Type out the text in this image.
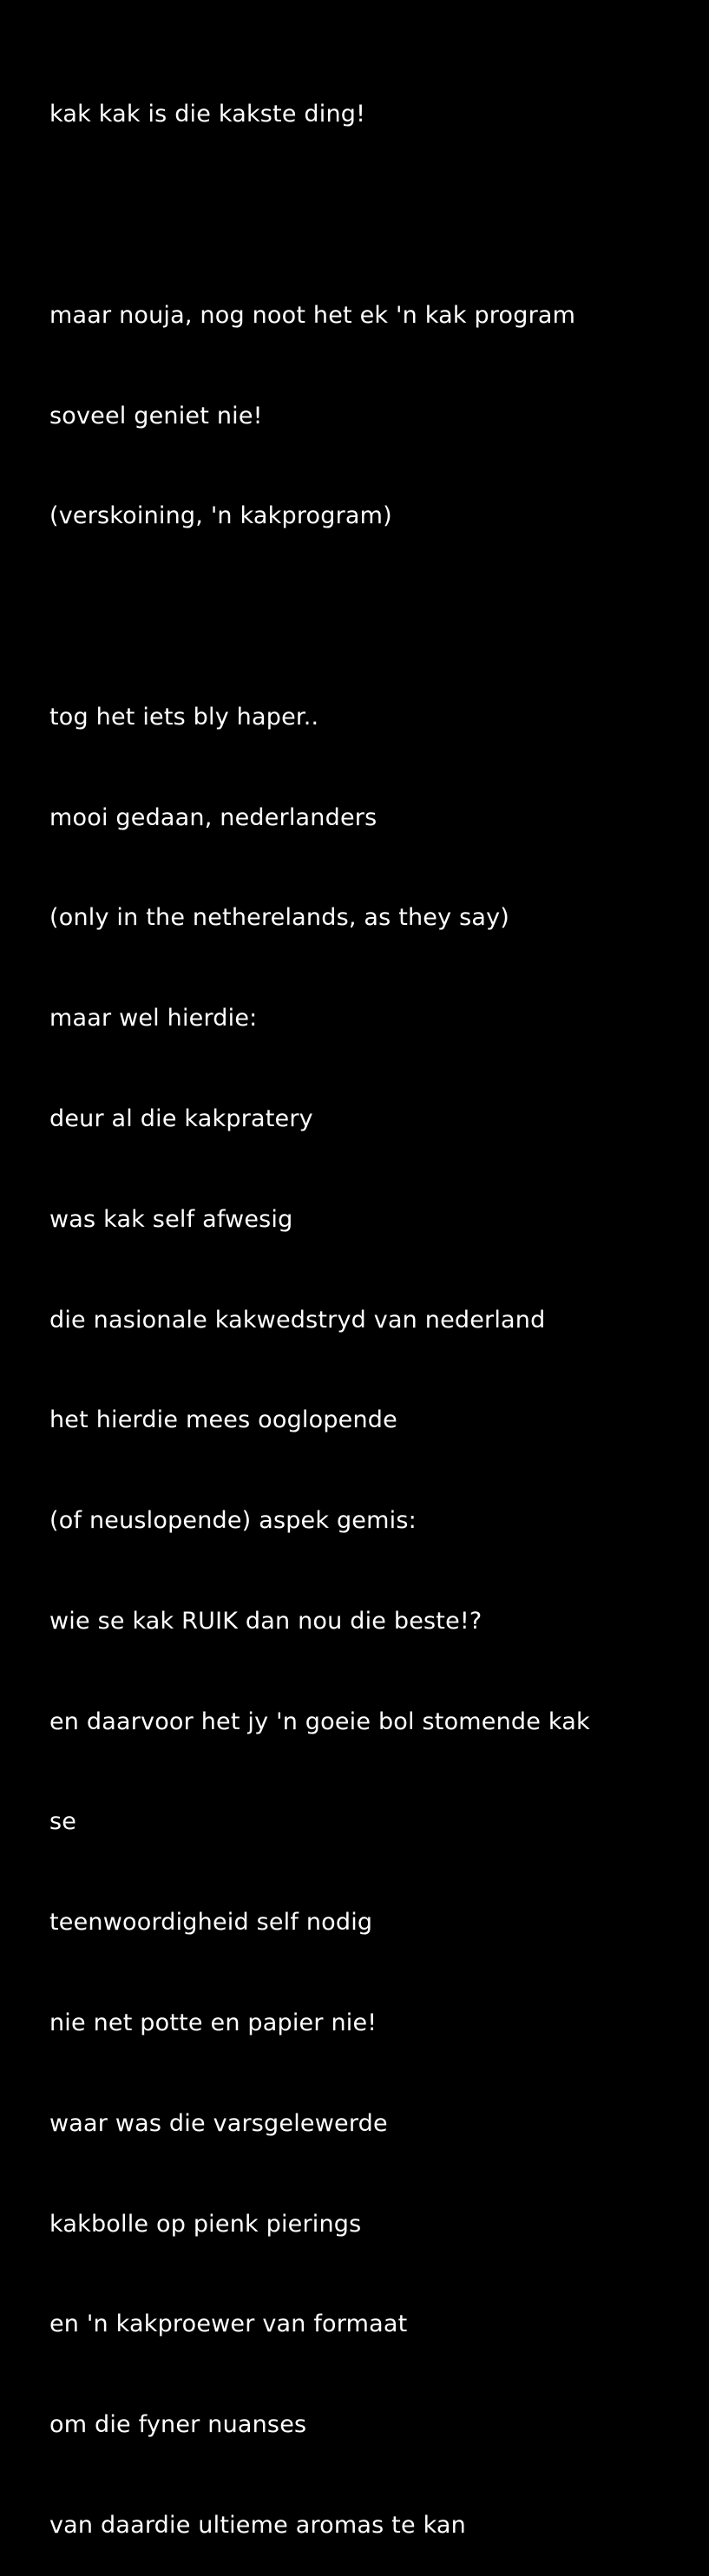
kak kak is die kakste ding!

maar nouja, nog noot het ek 'n kak program

soveel geniet nie!

(verskoining, 'n kakprogram)

tog het iets bly haper..

mooi gedaan, nederlanders

(only in the netherelands, as they say)

maar wel hierdie:

deur al die kakpratery

was kak self afwesig

die nasionale kakwedstryd van nederland

het hierdie mees ooglopende

(of neuslopende) aspek gemis:

wie se kak RUIK dan nou die beste!?

en daarvoor het jy 'n goeie bol stomende kak

se

teenwoordigheid self nodig

nie net potte en papier nie!

waar was die varsgelewerde

kakbolle op pienk pierings

en 'n kakproewer van formaat

om die fyner nuanses

van daardie ultieme aromas te kan
